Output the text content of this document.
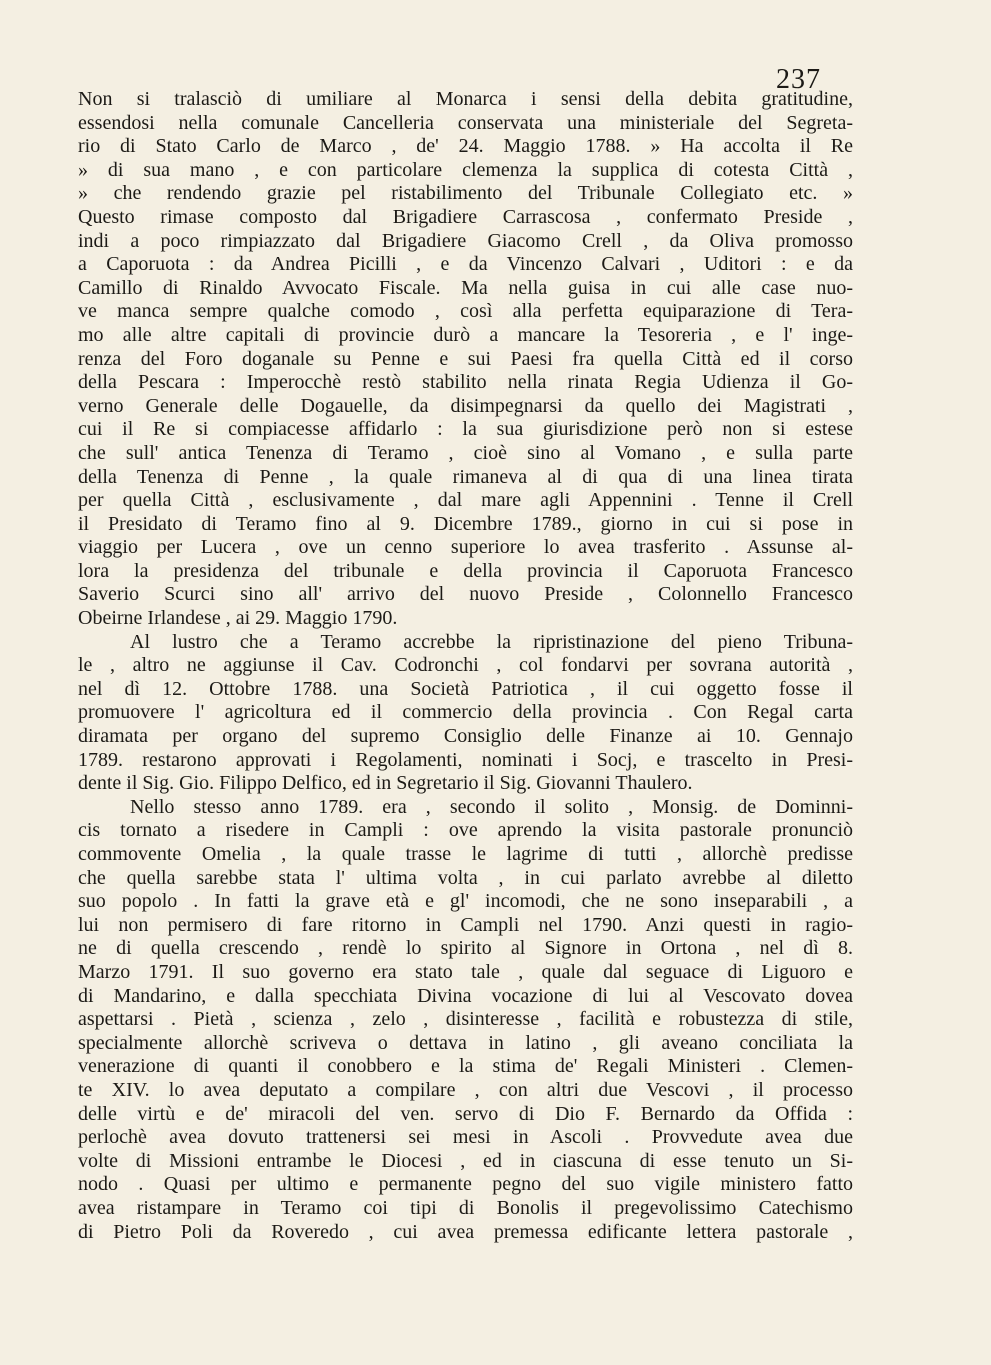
237
Non si tralasciò di umiliare al Monarca i sensi della debita gratitudine,
essendosi nella comunale Cancelleria conservata una ministeriale del Segreta-
rio di Stato Carlo de Marco , de' 24. Maggio 1788. » Ha accolta il Re
» di sua mano , e con particolare clemenza la supplica di cotesta Città ,
» che rendendo grazie pel ristabilimento del Tribunale Collegiato etc. »
Questo rimase composto dal Brigadiere Carrascosa , confermato Preside ,
indi a poco rimpiazzato dal Brigadiere Giacomo Crell , da Oliva promosso
a Caporuota : da Andrea Picilli , e da Vincenzo Calvari , Uditori : e da
Camillo di Rinaldo Avvocato Fiscale. Ma nella guisa in cui alle case nuo-
ve manca sempre qualche comodo , così alla perfetta equiparazione di Tera-
mo alle altre capitali di provincie durò a mancare la Tesoreria , e l' inge-
renza del Foro doganale su Penne e sui Paesi fra quella Città ed il corso
della Pescara : Imperocchè restò stabilito nella rinata Regia Udienza il Go-
verno Generale delle Dogauelle, da disimpegnarsi da quello dei Magistrati ,
cui il Re si compiacesse affidarlo : la sua giurisdizione però non si estese
che sull' antica Tenenza di Teramo , cioè sino al Vomano , e sulla parte
della Tenenza di Penne , la quale rimaneva al di qua di una linea tirata
per quella Città , esclusivamente , dal mare agli Appennini . Tenne il Crell
il Presidato di Teramo fino al 9. Dicembre 1789., giorno in cui si pose in
viaggio per Lucera , ove un cenno superiore lo avea trasferito . Assunse al-
lora la presidenza del tribunale e della provincia il Caporuota Francesco
Saverio Scurci sino all' arrivo del nuovo Preside , Colonnello Francesco
Obeirne Irlandese , ai 29. Maggio 1790.
Al lustro che a Teramo accrebbe la ripristinazione del pieno Tribuna-
le , altro ne aggiunse il Cav. Codronchi , col fondarvi per sovrana autorità ,
nel dì 12. Ottobre 1788. una Società Patriotica , il cui oggetto fosse il
promuovere l' agricoltura ed il commercio della provincia . Con Regal carta
diramata per organo del supremo Consiglio delle Finanze ai 10. Gennajo
1789. restarono approvati i Regolamenti, nominati i Socj, e trascelto in Presi-
dente il Sig. Gio. Filippo Delfico, ed in Segretario il Sig. Giovanni Thaulero.
Nello stesso anno 1789. era , secondo il solito , Monsig. de Dominni-
cis tornato a risedere in Campli : ove aprendo la visita pastorale pronunciò
commovente Omelia , la quale trasse le lagrime di tutti , allorchè predisse
che quella sarebbe stata l' ultima volta , in cui parlato avrebbe al diletto
suo popolo . In fatti la grave età e gl' incomodi, che ne sono inseparabili , a
lui non permisero di fare ritorno in Campli nel 1790. Anzi questi in ragio-
ne di quella crescendo , rendè lo spirito al Signore in Ortona , nel dì 8.
Marzo 1791. Il suo governo era stato tale , quale dal seguace di Liguoro e
di Mandarino, e dalla specchiata Divina vocazione di lui al Vescovato dovea
aspettarsi . Pietà , scienza , zelo , disinteresse , facilità e robustezza di stile,
specialmente allorchè scriveva o dettava in latino , gli aveano conciliata la
venerazione di quanti il conobbero e la stima de' Regali Ministeri . Clemen-
te XIV. lo avea deputato a compilare , con altri due Vescovi , il processo
delle virtù e de' miracoli del ven. servo di Dio F. Bernardo da Offida :
perlochè avea dovuto trattenersi sei mesi in Ascoli . Provvedute avea due
volte di Missioni entrambe le Diocesi , ed in ciascuna di esse tenuto un Si-
nodo . Quasi per ultimo e permanente pegno del suo vigile ministero fatto
avea ristampare in Teramo coi tipi di Bonolis il pregevolissimo Catechismo
di Pietro Poli da Roveredo , cui avea premessa edificante lettera pastorale ,
